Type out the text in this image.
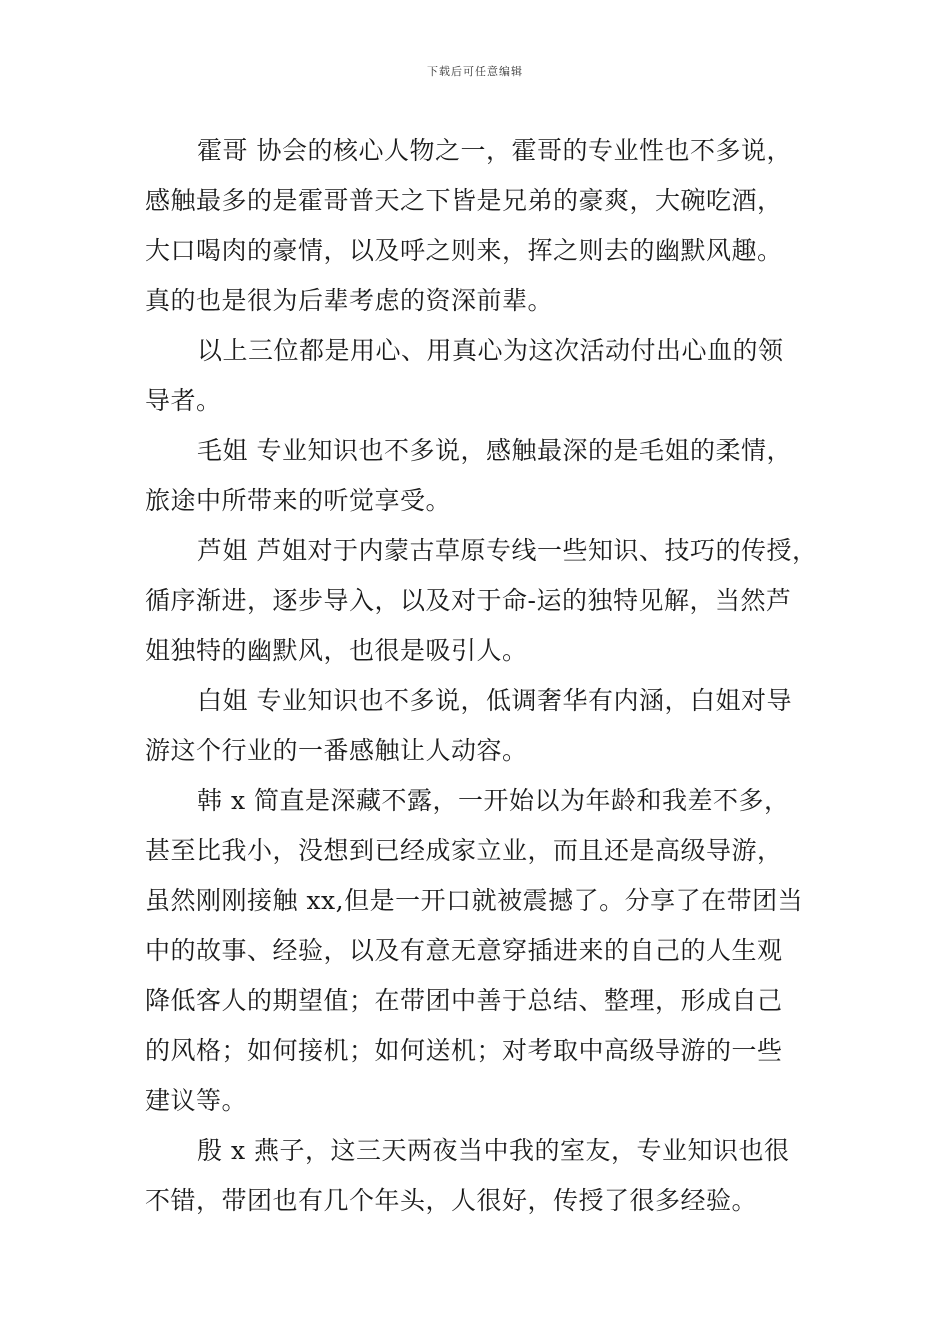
下载后可任意编辑
霍哥 协会的核心人物之一，霍哥的专业性也不多说，
感触最多的是霍哥普天之下皆是兄弟的豪爽，大碗吃酒，
大口喝肉的豪情，以及呼之则来，挥之则去的幽默风趣。
真的也是很为后辈考虑的资深前辈。
以上三位都是用心、用真心为这次活动付出心血的领
导者。
毛姐 专业知识也不多说，感触最深的是毛姐的柔情，
旅途中所带来的听觉享受。
芦姐 芦姐对于内蒙古草原专线一些知识、技巧的传授，
循序渐进，逐步导入，以及对于命-运的独特见解，当然芦
姐独特的幽默风，也很是吸引人。
白姐 专业知识也不多说，低调奢华有内涵，白姐对导
游这个行业的一番感触让人动容。
韩 x 简直是深藏不露，一开始以为年龄和我差不多，
甚至比我小，没想到已经成家立业，而且还是高级导游，
虽然刚刚接触 xx,但是一开口就被震撼了。分享了在带团当
中的故事、经验，以及有意无意穿插进来的自己的人生观
降低客人的期望值；在带团中善于总结、整理，形成自己
的风格；如何接机；如何送机；对考取中高级导游的一些
建议等。
殷 x 燕子，这三天两夜当中我的室友，专业知识也很
不错，带团也有几个年头，人很好，传授了很多经验。
